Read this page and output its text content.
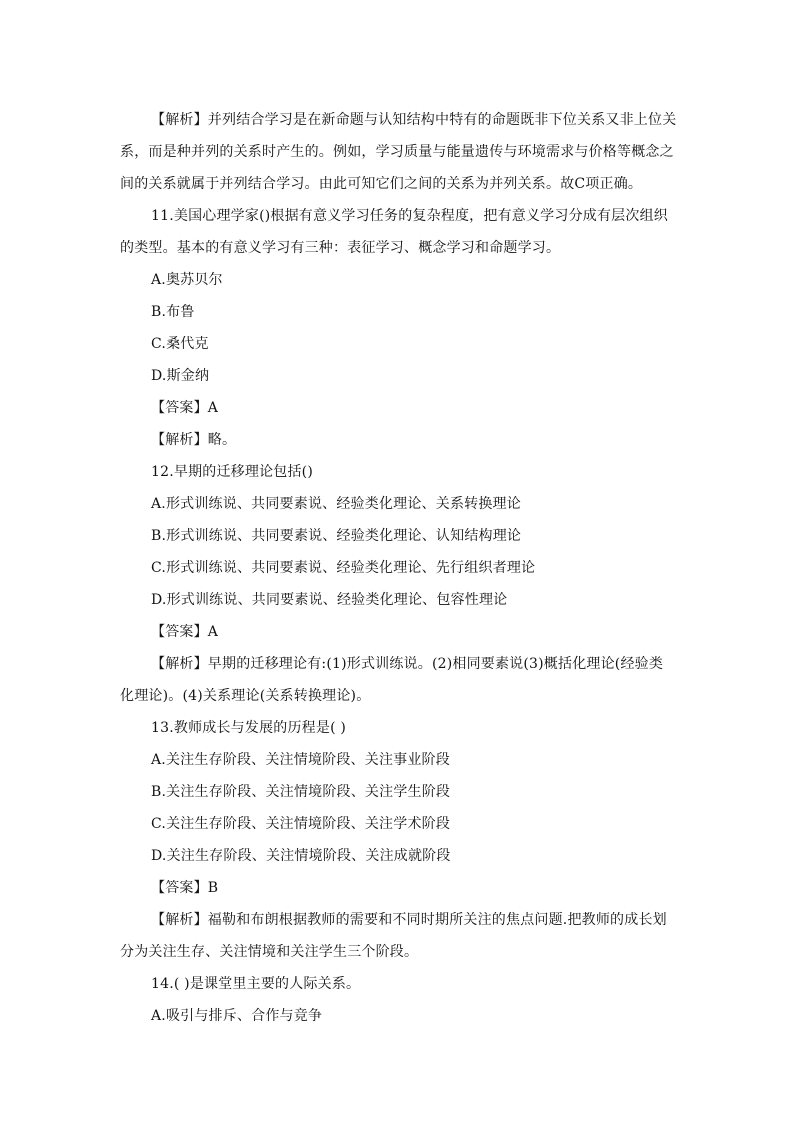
【解析】并列结合学习是在新命题与认知结构中特有的命题既非下位关系又非上位关
系，而是种并列的关系时产生的。例如，学习质量与能量遗传与环境需求与价格等概念之
间的关系就属于并列结合学习。由此可知它们之间的关系为并列关系。故C项正确。
11.美国心理学家()根据有意义学习任务的复杂程度，把有意义学习分成有层次组织
的类型。基本的有意义学习有三种：表征学习、概念学习和命题学习。
A.奥苏贝尔
B.布鲁
C.桑代克
D.斯金纳
【答案】A
【解析】略。
12.早期的迁移理论包括()
A.形式训练说、共同要素说、经验类化理论、关系转换理论
B.形式训练说、共同要素说、经验类化理论、认知结构理论
C.形式训练说、共同要素说、经验类化理论、先行组织者理论
D.形式训练说、共同要素说、经验类化理论、包容性理论
【答案】A
【解析】早期的迁移理论有:(1)形式训练说。(2)相同要素说(3)概括化理论(经验类
化理论)。(4)关系理论(关系转换理论)。
13.教师成长与发展的历程是( )
A.关注生存阶段、关注情境阶段、关注事业阶段
B.关注生存阶段、关注情境阶段、关注学生阶段
C.关注生存阶段、关注情境阶段、关注学术阶段
D.关注生存阶段、关注情境阶段、关注成就阶段
【答案】B
【解析】福勒和布朗根据教师的需要和不同时期所关注的焦点问题.把教师的成长划
分为关注生存、关注情境和关注学生三个阶段。
14.( )是课堂里主要的人际关系。
A.吸引与排斥、合作与竞争
